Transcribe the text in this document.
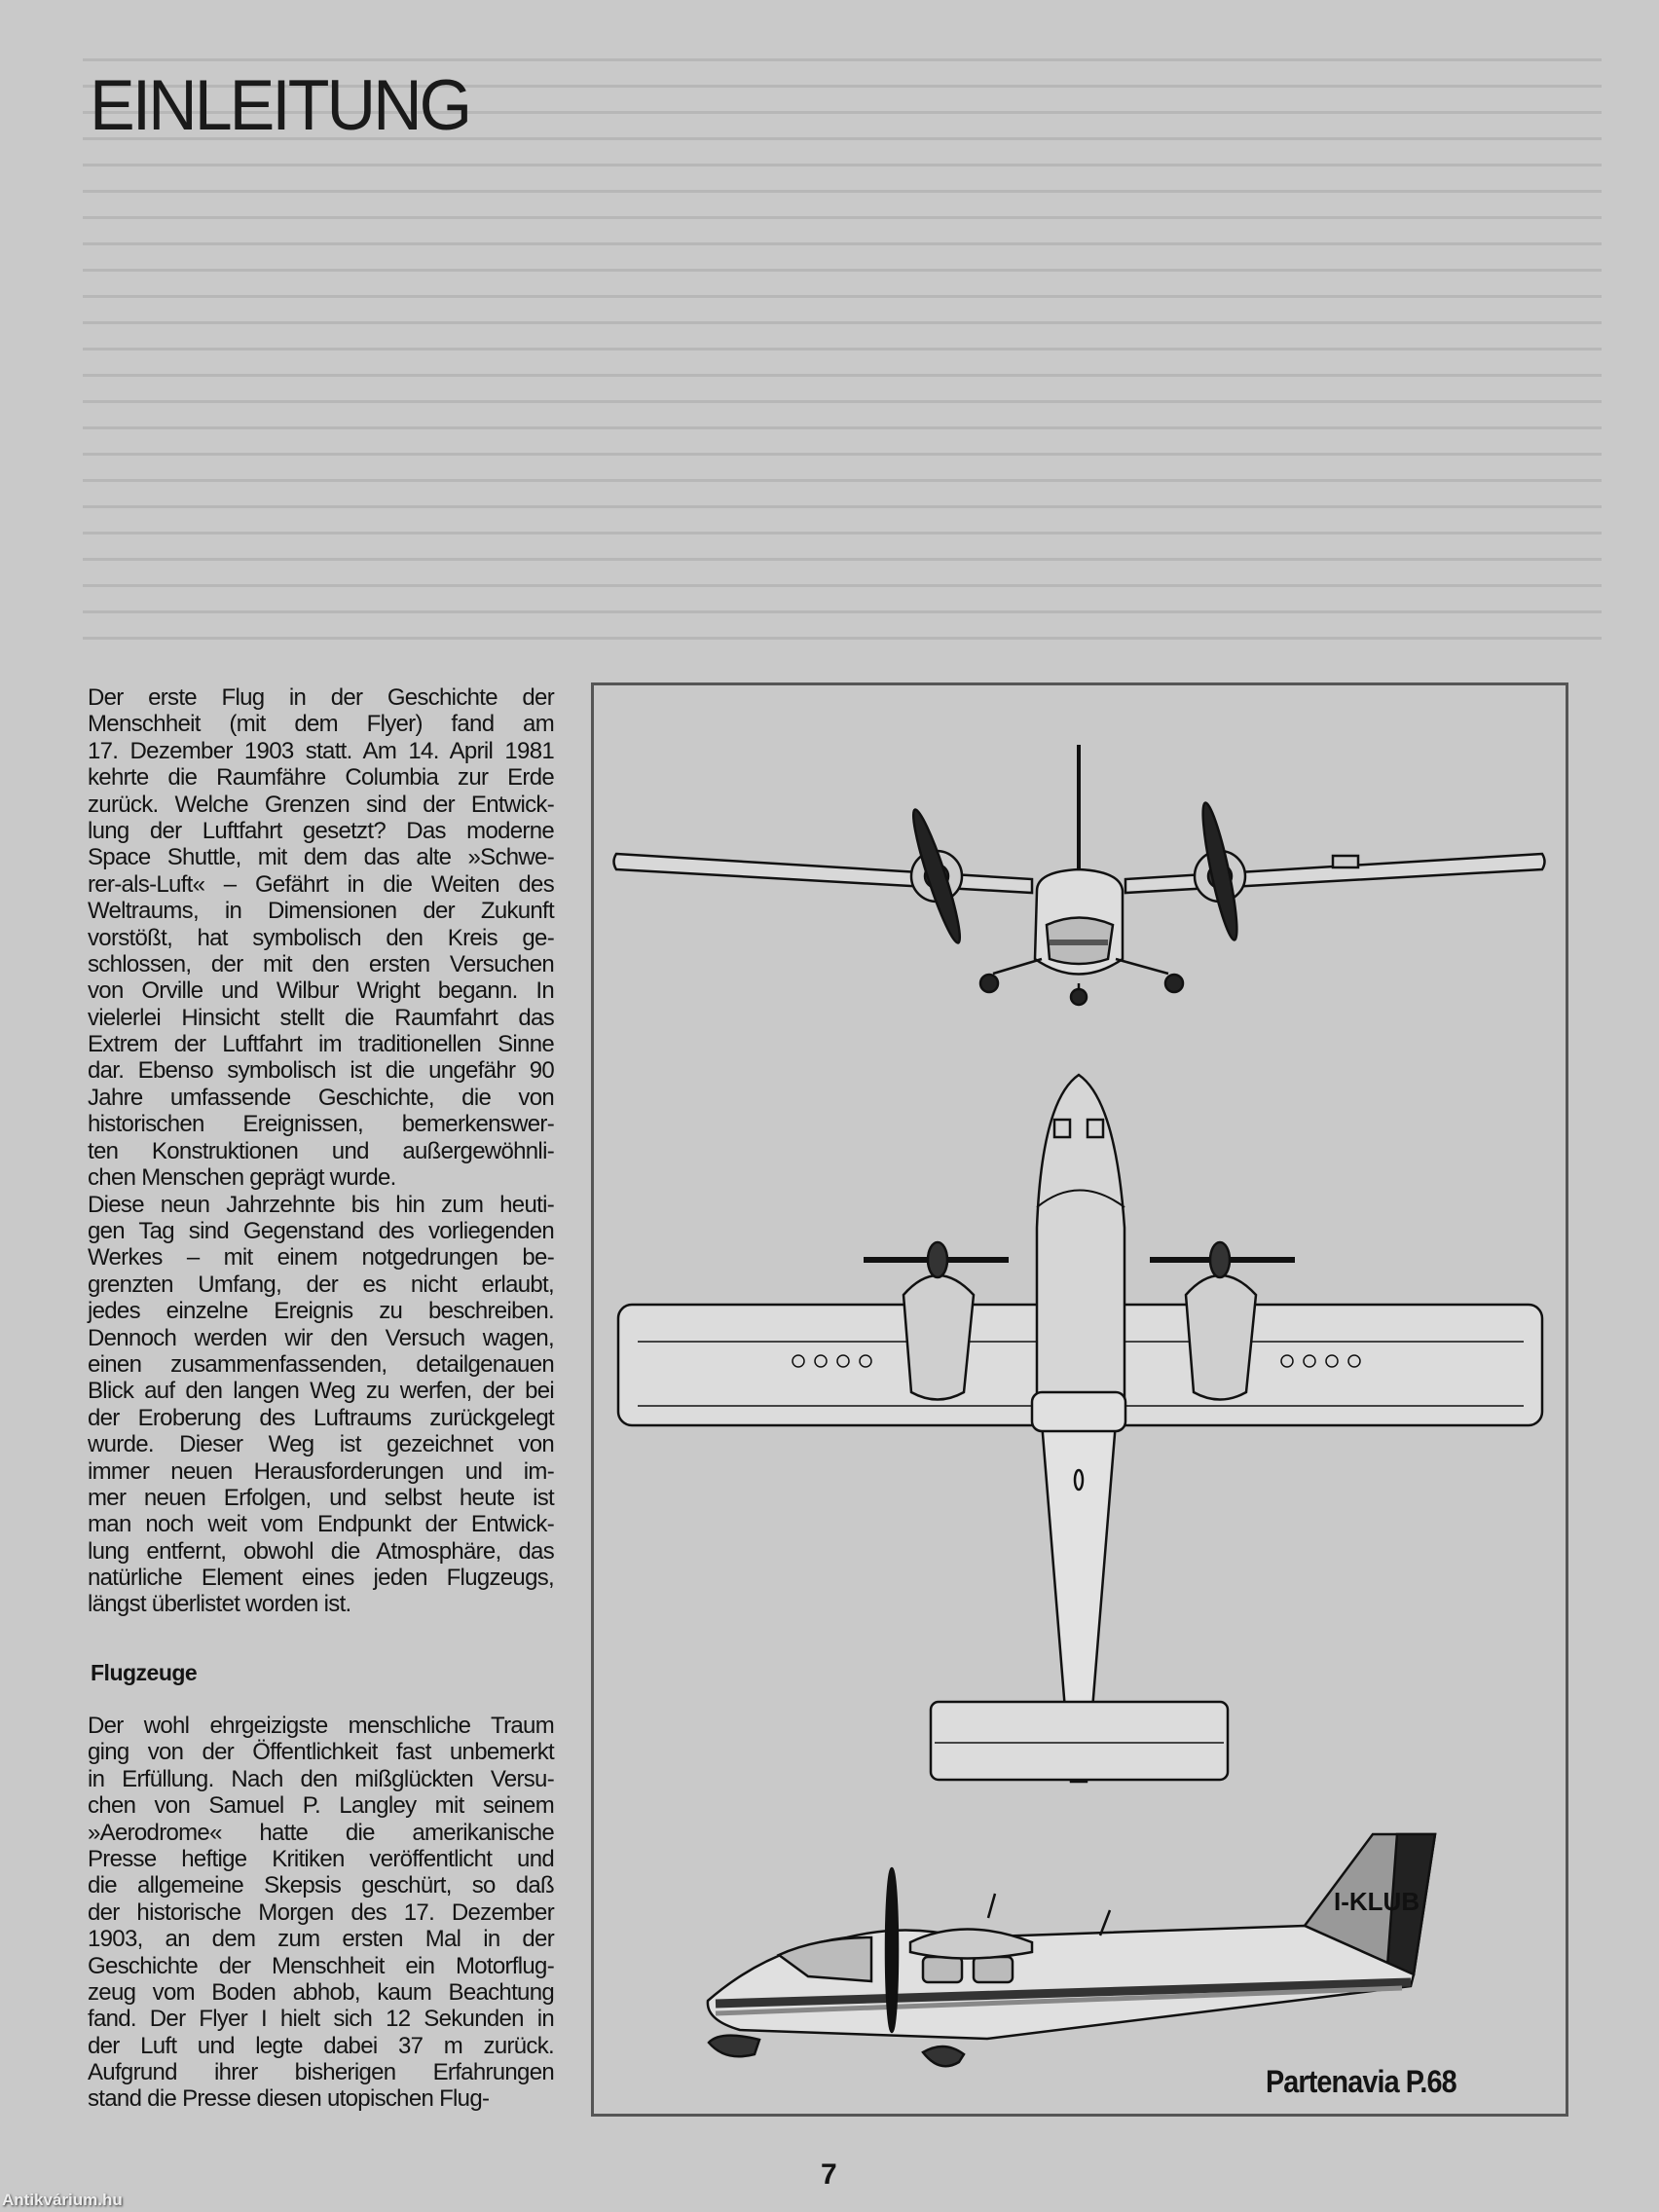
EINLEITUNG
Der erste Flug in der Geschichte der
Menschheit (mit dem Flyer) fand am
17. Dezember 1903 statt. Am 14. April 1981
kehrte die Raumfähre Columbia zur Erde
zurück. Welche Grenzen sind der Entwick-
lung der Luftfahrt gesetzt? Das moderne
Space Shuttle, mit dem das alte »Schwe-
rer-als-Luft« – Gefährt in die Weiten des
Weltraums, in Dimensionen der Zukunft
vorstößt, hat symbolisch den Kreis ge-
schlossen, der mit den ersten Versuchen
von Orville und Wilbur Wright begann. In
vielerlei Hinsicht stellt die Raumfahrt das
Extrem der Luftfahrt im traditionellen Sinne
dar. Ebenso symbolisch ist die ungefähr 90
Jahre umfassende Geschichte, die von
historischen Ereignissen, bemerkenswer-
ten Konstruktionen und außergewöhnli-
chen Menschen geprägt wurde.
Diese neun Jahrzehnte bis hin zum heuti-
gen Tag sind Gegenstand des vorliegenden
Werkes – mit einem notgedrungen be-
grenzten Umfang, der es nicht erlaubt,
jedes einzelne Ereignis zu beschreiben.
Dennoch werden wir den Versuch wagen,
einen zusammenfassenden, detailgenauen
Blick auf den langen Weg zu werfen, der bei
der Eroberung des Luftraums zurückgelegt
wurde. Dieser Weg ist gezeichnet von
immer neuen Herausforderungen und im-
mer neuen Erfolgen, und selbst heute ist
man noch weit vom Endpunkt der Entwick-
lung entfernt, obwohl die Atmosphäre, das
natürliche Element eines jeden Flugzeugs,
längst überlistet worden ist.
Flugzeuge
Der wohl ehrgeizigste menschliche Traum
ging von der Öffentlichkeit fast unbemerkt
in Erfüllung. Nach den mißglückten Versu-
chen von Samuel P. Langley mit seinem
»Aerodrome« hatte die amerikanische
Presse heftige Kritiken veröffentlicht und
die allgemeine Skepsis geschürt, so daß
der historische Morgen des 17. Dezember
1903, an dem zum ersten Mal in der
Geschichte der Menschheit ein Motorflug-
zeug vom Boden abhob, kaum Beachtung
fand. Der Flyer I hielt sich 12 Sekunden in
der Luft und legte dabei 37 m zurück.
Aufgrund ihrer bisherigen Erfahrungen
stand die Presse diesen utopischen Flug-
I-KLUB
Partenavia P.68
7
Antikvárium.hu
